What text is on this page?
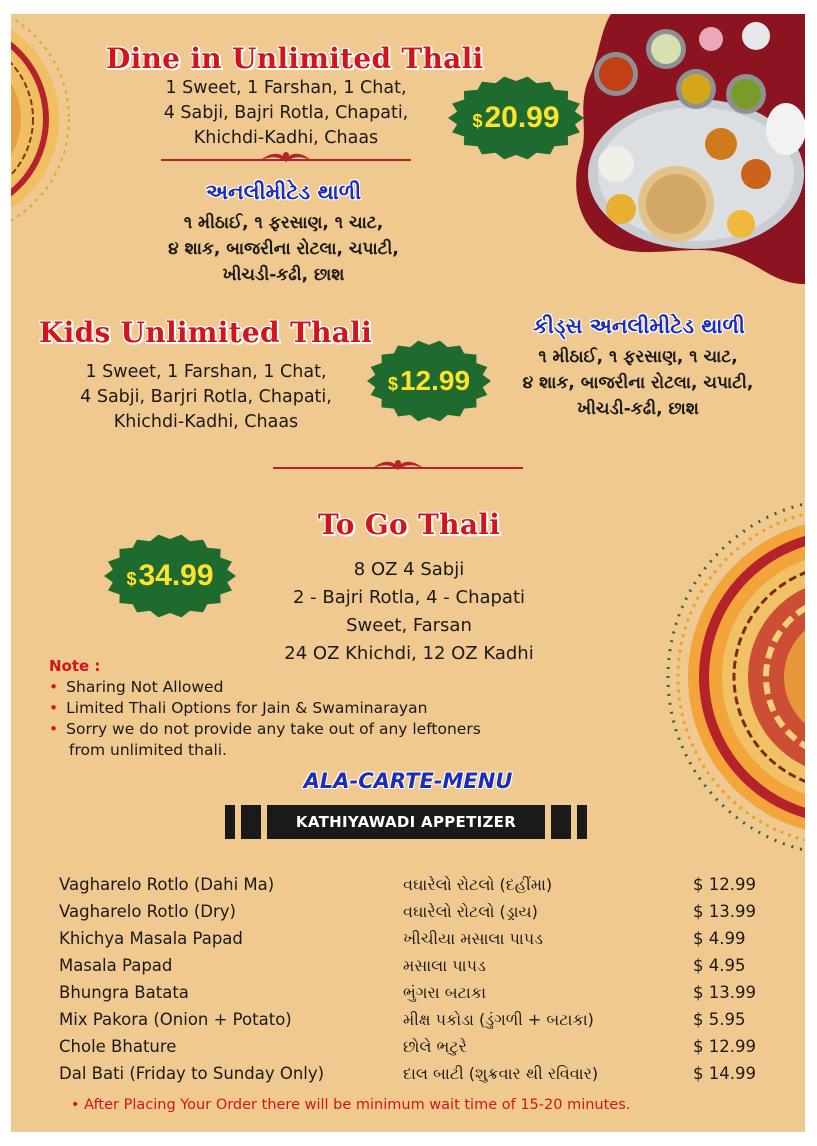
Dine in Unlimited Thali
1 Sweet, 1 Farshan, 1 Chat,
4 Sabji, Bajri Rotla, Chapati,
Khichdi-Kadhi, Chaas
$ 20.99
અનલીમીટેડ થાળી
૧ મીઠાઈ, ૧ ફરસાણ, ૧ ચાટ,
૪ શાક, બાજરીના રોટલા, ચપાટી,
ખીચડી-કઢી, છાશ
Kids Unlimited Thali
1 Sweet, 1 Farshan, 1 Chat,
4 Sabji, Barjri Rotla, Chapati,
Khichdi-Kadhi, Chaas
$ 12.99
કીડ્સ અનલીમીટેડ થાળી
૧ મીઠાઈ, ૧ ફરસાણ, ૧ ચાટ,
૪ શાક, બાજરીના રોટલા, ચપાટી,
ખીચડી-કઢી, છાશ
To Go Thali
8 OZ 4 Sabji
2 - Bajri Rotla, 4 - Chapati
Sweet, Farsan
24 OZ Khichdi, 12 OZ Kadhi
$ 34.99
Note :
• Sharing Not Allowed
• Limited Thali Options for Jain & Swaminarayan
• Sorry we do not provide any take out of any leftoners
from unlimited thali.
ALA-CARTE-MENU
KATHIYAWADI APPETIZER
Vagharelo Rotlo (Dahi Ma)	વઘારેલો રોટલો (દહીંમા)	$ 12.99
Vagharelo Rotlo (Dry)	વઘારેલો રોટલો (ડ્રાય)	$ 13.99
Khichya Masala Papad	ખીચીયા મસાલા પાપડ	$ 4.99
Masala Papad	મસાલા પાપડ	$ 4.95
Bhungra Batata	ભુંગરા બટાકા	$ 13.99
Mix Pakora (Onion + Potato)	મીક્ષ પકોડા (ડુંગળી + બટાકા)	$ 5.95
Chole Bhature	છોલે ભટુરે	$ 12.99
Dal Bati (Friday to Sunday Only)	દાલ બાટી (શુક્રવાર થી રવિવાર)	$ 14.99
• After Placing Your Order there will be minimum wait time of 15-20 minutes.
